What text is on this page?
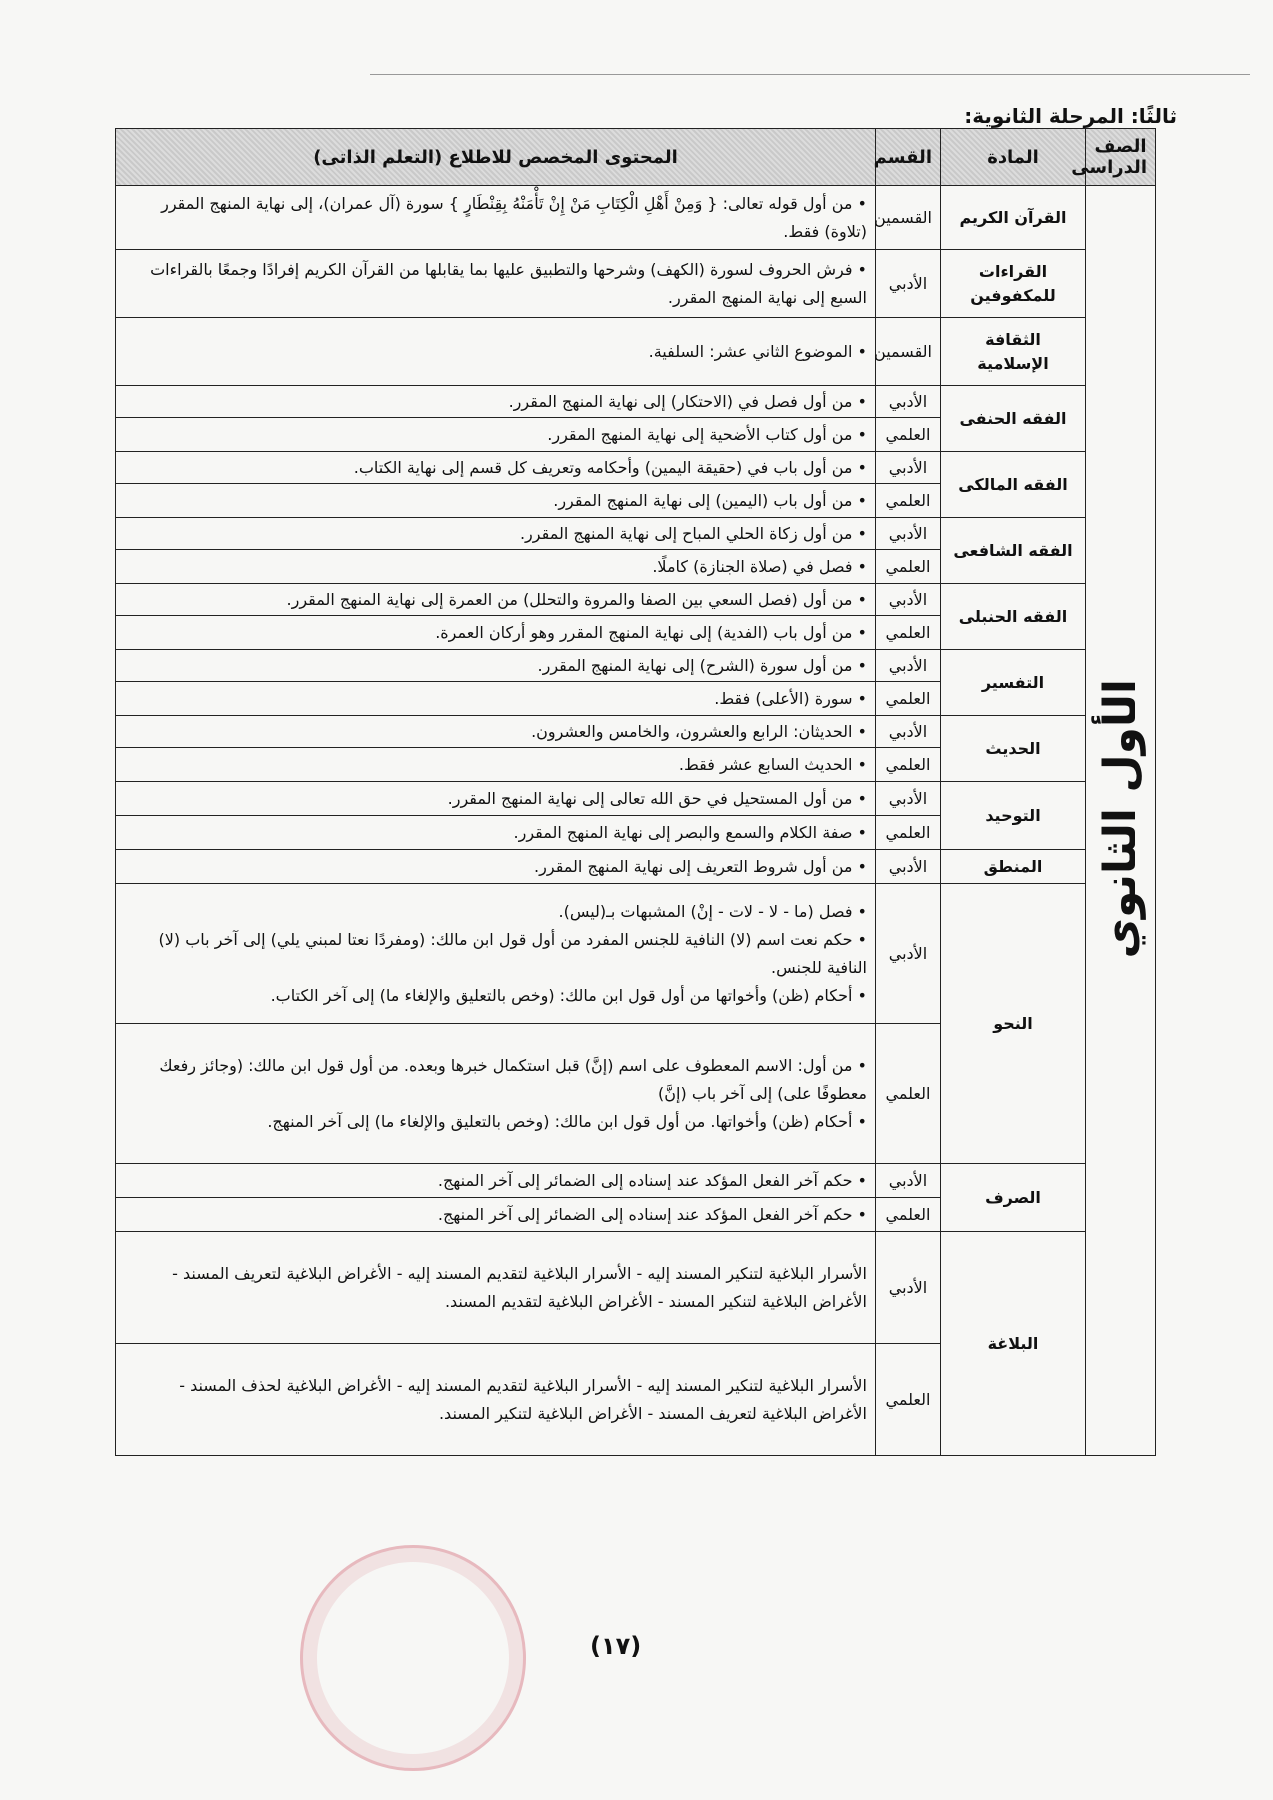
ثالثًا: المرحلة الثانوية:
الصف الدراسى	المادة	القسم	المحتوى المخصص للاطلاع (التعلم الذاتى)
الأول الثانوي	القرآن الكريم	القسمين	• من أول قوله تعالى: { وَمِنْ أَهْلِ الْكِتَابِ مَنْ إِنْ تَأْمَنْهُ بِقِنْطَارٍ } سورة (آل عمران)، إلى نهاية المنهج المقرر (تلاوة) فقط.

	القراءات للمكفوفين	الأدبي	• فرش الحروف لسورة (الكهف) وشرحها والتطبيق عليها بما يقابلها من القرآن الكريم إفرادًا وجمعًا بالقراءات السبع إلى نهاية المنهج المقرر.

	الثقافة الإسلامية	القسمين	• الموضوع الثاني عشر: السلفية.

	الفقه الحنفى	الأدبي	• من أول فصل في (الاحتكار) إلى نهاية المنهج المقرر.

		العلمي	• من أول كتاب الأضحية إلى نهاية المنهج المقرر.

	الفقه المالكى	الأدبي	• من أول باب في (حقيقة اليمين) وأحكامه وتعريف كل قسم إلى نهاية الكتاب.

		العلمي	• من أول باب (اليمين) إلى نهاية المنهج المقرر.

	الفقه الشافعى	الأدبي	• من أول زكاة الحلي المباح إلى نهاية المنهج المقرر.

		العلمي	• فصل في (صلاة الجنازة) كاملًا.

	الفقه الحنبلى	الأدبي	• من أول (فصل السعي بين الصفا والمروة والتحلل) من العمرة إلى نهاية المنهج المقرر.

		العلمي	• من أول باب (الفدية) إلى نهاية المنهج المقرر وهو أركان العمرة.

	التفسير	الأدبي	• من أول سورة (الشرح) إلى نهاية المنهج المقرر.

		العلمي	• سورة (الأعلى) فقط.

	الحديث	الأدبي	• الحديثان: الرابع والعشرون، والخامس والعشرون.

		العلمي	• الحديث السابع عشر فقط.

	التوحيد	الأدبي	• من أول المستحيل في حق الله تعالى إلى نهاية المنهج المقرر.

		العلمي	• صفة الكلام والسمع والبصر إلى نهاية المنهج المقرر.

	المنطق	الأدبي	• من أول شروط التعريف إلى نهاية المنهج المقرر.

	النحو	الأدبي	• فصل (ما - لا - لات - إنْ) المشبهات بـ(ليس).
• حكم نعت اسم (لا) النافية للجنس المفرد من أول قول ابن مالك: (ومفردًا نعتا لمبني يلي) إلى آخر باب (لا) النافية للجنس.
• أحكام (ظن) وأخواتها من أول قول ابن مالك: (وخص بالتعليق والإلغاء ما) إلى آخر الكتاب.

		العلمي	• من أول: الاسم المعطوف على اسم (إنَّ) قبل استكمال خبرها وبعده. من أول قول ابن مالك: (وجائز رفعك معطوفًا على) إلى آخر باب (إنَّ)
• أحكام (ظن) وأخواتها. من أول قول ابن مالك: (وخص بالتعليق والإلغاء ما) إلى آخر المنهج.

	الصرف	الأدبي	• حكم آخر الفعل المؤكد عند إسناده إلى الضمائر إلى آخر المنهج.

		العلمي	• حكم آخر الفعل المؤكد عند إسناده إلى الضمائر إلى آخر المنهج.

	البلاغة	الأدبي	الأسرار البلاغية لتنكير المسند إليه - الأسرار البلاغية لتقديم المسند إليه - الأغراض البلاغية لتعريف المسند - الأغراض البلاغية لتنكير المسند - الأغراض البلاغية لتقديم المسند.

		العلمي	الأسرار البلاغية لتنكير المسند إليه - الأسرار البلاغية لتقديم المسند إليه - الأغراض البلاغية لحذف المسند - الأغراض البلاغية لتعريف المسند - الأغراض البلاغية لتنكير المسند.
(١٧)
